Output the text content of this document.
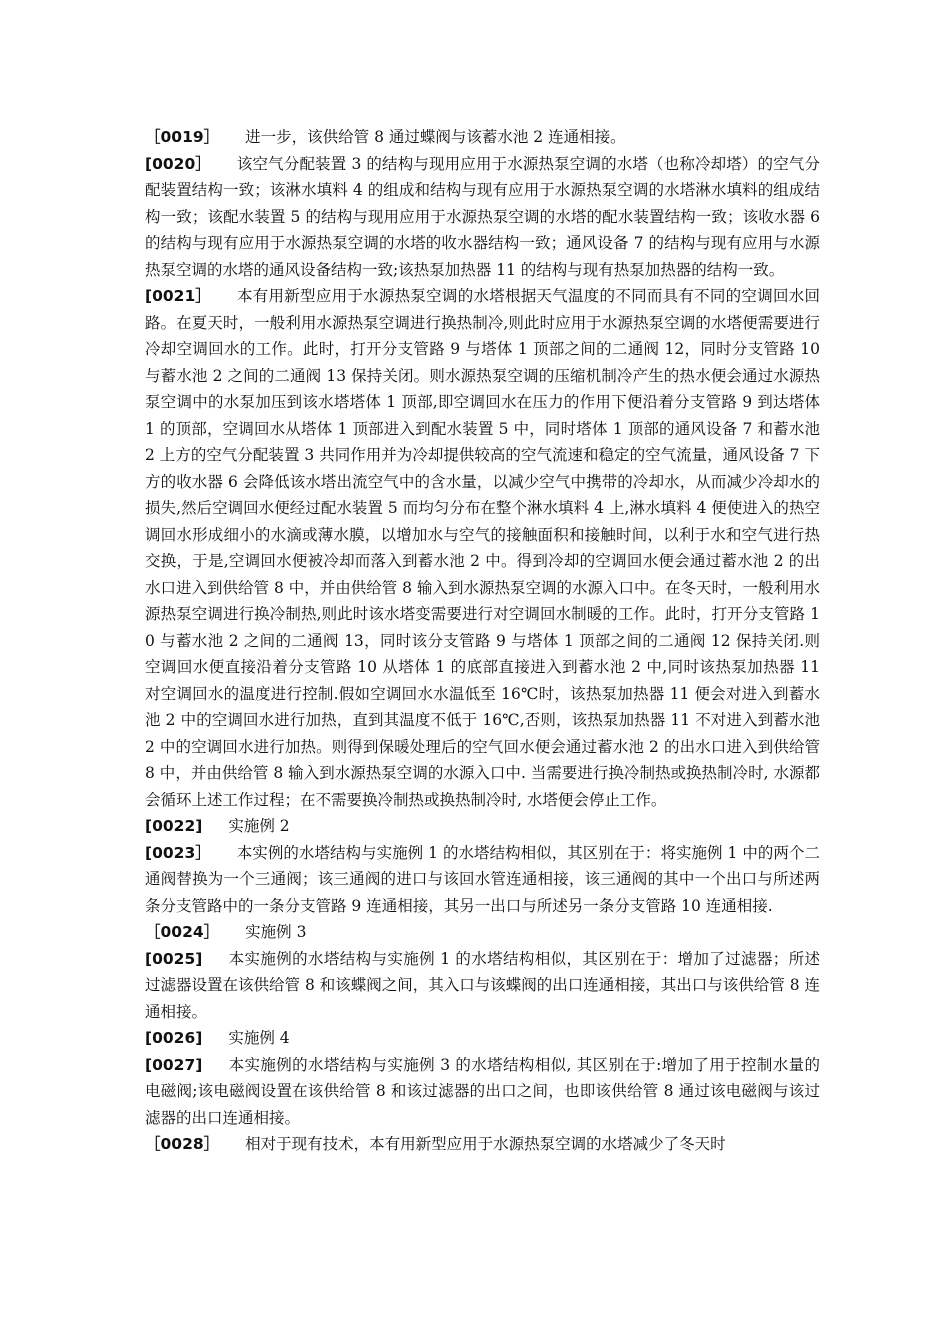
［0019］ 进一步，该供给管 8 通过蝶阀与该蓄水池 2 连通相接。

[0020］ 该空气分配装置 3 的结构与现用应用于水源热泵空调的水塔（也称冷却塔）的空气分配装置结构一致；该淋水填料 4 的组成和结构与现有应用于水源热泵空调的水塔淋水填料的组成结构一致；该配水装置 5 的结构与现用应用于水源热泵空调的水塔的配水装置结构一致；该收水器 6 的结构与现有应用于水源热泵空调的水塔的收水器结构一致；通风设备 7 的结构与现有应用与水源热泵空调的水塔的通风设备结构一致;该热泵加热器 11 的结构与现有热泵加热器的结构一致。

[0021］ 本有用新型应用于水源热泵空调的水塔根据天气温度的不同而具有不同的空调回水回路。在夏天时，一般利用水源热泵空调进行换热制冷,则此时应用于水源热泵空调的水塔便需要进行冷却空调回水的工作。此时，打开分支管路 9 与塔体 1 顶部之间的二通阀 12，同时分支管路 10 与蓄水池 2 之间的二通阀 13 保持关闭。则水源热泵空调的压缩机制冷产生的热水便会通过水源热泵空调中的水泵加压到该水塔塔体 1 顶部,即空调回水在压力的作用下便沿着分支管路 9 到达塔体 1 的顶部，空调回水从塔体 1 顶部进入到配水装置 5 中，同时塔体 1 顶部的通风设备 7 和蓄水池 2 上方的空气分配装置 3 共同作用并为冷却提供较高的空气流速和稳定的空气流量，通风设备 7 下方的收水器 6 会降低该水塔出流空气中的含水量，以减少空气中携带的冷却水，从而减少冷却水的损失,然后空调回水便经过配水装置 5 而均匀分布在整个淋水填料 4 上,淋水填料 4 便使进入的热空调回水形成细小的水滴或薄水膜，以增加水与空气的接触面积和接触时间，以利于水和空气进行热交换，于是,空调回水便被冷却而落入到蓄水池 2 中。得到冷却的空调回水便会通过蓄水池 2 的出水口进入到供给管 8 中，并由供给管 8 输入到水源热泵空调的水源入口中。在冬天时，一般利用水源热泵空调进行换冷制热,则此时该水塔变需要进行对空调回水制暖的工作。此时，打开分支管路 10 与蓄水池 2 之间的二通阀 13，同时该分支管路 9 与塔体 1 顶部之间的二通阀 12 保持关闭.则空调回水便直接沿着分支管路 10 从塔体 1 的底部直接进入到蓄水池 2 中,同时该热泵加热器 11 对空调回水的温度进行控制.假如空调回水水温低至 16℃时，该热泵加热器 11 便会对进入到蓄水池 2 中的空调回水进行加热，直到其温度不低于 16℃,否则，该热泵加热器 11 不对进入到蓄水池 2 中的空调回水进行加热。则得到保暖处理后的空气回水便会通过蓄水池 2 的出水口进入到供给管 8 中，并由供给管 8 输入到水源热泵空调的水源入口中. 当需要进行换冷制热或换热制冷时, 水源都会循环上述工作过程；在不需要换冷制热或换热制冷时, 水塔便会停止工作。

[0022] 实施例 2

[0023］ 本实例的水塔结构与实施例 1 的水塔结构相似，其区别在于：将实施例 1 中的两个二通阀替换为一个三通阀；该三通阀的进口与该回水管连通相接，该三通阀的其中一个出口与所述两条分支管路中的一条分支管路 9 连通相接，其另一出口与所述另一条分支管路 10 连通相接.

［0024］ 实施例 3

[0025] 本实施例的水塔结构与实施例 1 的水塔结构相似，其区别在于：增加了过滤器；所述过滤器设置在该供给管 8 和该蝶阀之间，其入口与该蝶阀的出口连通相接，其出口与该供给管 8 连通相接。

[0026] 实施例 4

[0027] 本实施例的水塔结构与实施例 3 的水塔结构相似, 其区别在于:增加了用于控制水量的电磁阀;该电磁阀设置在该供给管 8 和该过滤器的出口之间，也即该供给管 8 通过该电磁阀与该过滤器的出口连通相接。

［0028］ 相对于现有技术，本有用新型应用于水源热泵空调的水塔减少了冬天时
